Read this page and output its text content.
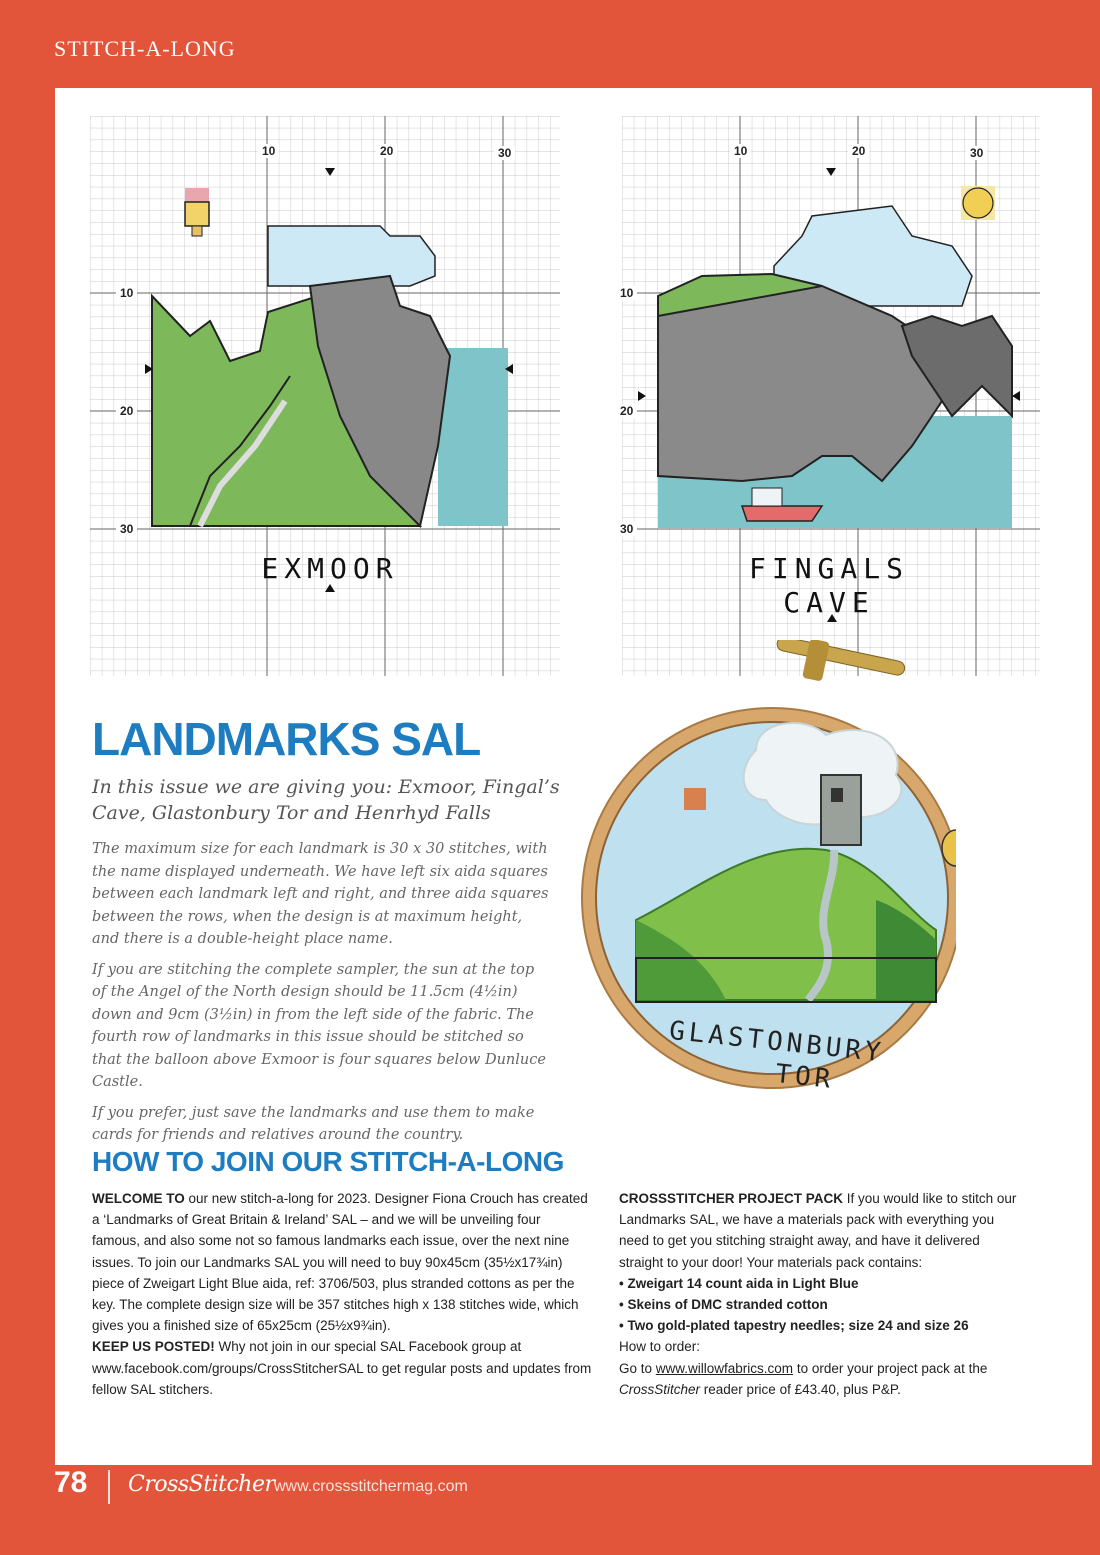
STITCH-A-LONG
10	20	30
10
20
30
EXMOOR
10	20	30
10
20
30
FINGALS
CAVE
LANDMARKS SAL
In this issue we are giving you: Exmoor, Fingal’s Cave, Glastonbury Tor and Henrhyd Falls

The maximum size for each landmark is 30 x 30 stitches, with the name displayed underneath. We have left six aida squares between each landmark left and right, and three aida squares between the rows, when the design is at maximum height, and there is a double-height place name.

If you are stitching the complete sampler, the sun at the top of the Angel of the North design should be 11.5cm (4½in) down and 9cm (3½in) in from the left side of the fabric. The fourth row of landmarks in this issue should be stitched so that the balloon above Exmoor is four squares below Dunluce Castle.

If you prefer, just save the landmarks and use them to make cards for friends and relatives around the country.

GLASTONBURY
TOR
HOW TO JOIN OUR STITCH-A-LONG

WELCOME TO our new stitch-a-long for 2023. Designer Fiona Crouch has created a ‘Landmarks of Great Britain & Ireland’ SAL – and we will be unveiling four famous, and also some not so famous landmarks each issue, over the next nine issues. To join our Landmarks SAL you will need to buy 90x45cm (35½x17¾in) piece of Zweigart Light Blue aida, ref: 3706/503, plus stranded cottons as per the key. The complete design size will be 357 stitches high x 138 stitches wide, which gives you a finished size of 65x25cm (25½x9¾in).

KEEP US POSTED! Why not join in our special SAL Facebook group at www.facebook.com/groups/CrossStitcherSAL to get regular posts and updates from fellow SAL stitchers.

CROSSSTITCHER PROJECT PACK If you would like to stitch our Landmarks SAL, we have a materials pack with everything you need to get you stitching straight away, and have it delivered straight to your door! Your materials pack contains:

• Zweigart 14 count aida in Light Blue

• Skeins of DMC stranded cotton

• Two gold-plated tapestry needles; size 24 and size 26

How to order:

Go to www.willowfabrics.com to order your project pack at the CrossStitcher reader price of £43.40, plus P&P.

78 CrossStitcher www.crossstitchermag.com
